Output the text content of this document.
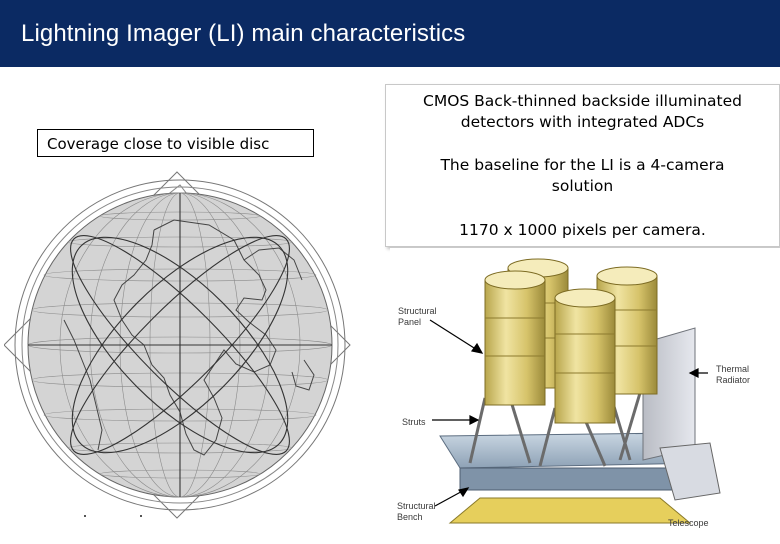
Lightning Imager (LI) main characteristics
Coverage close to visible disc

CMOS Back-thinned backside illuminated

detectors with integrated ADCs

The baseline for the LI is a 4-camera

solution

1170 x 1000 pixels per camera.

Structural
Panel
Thermal
Radiator
Struts
Structural
Bench
Telescope
